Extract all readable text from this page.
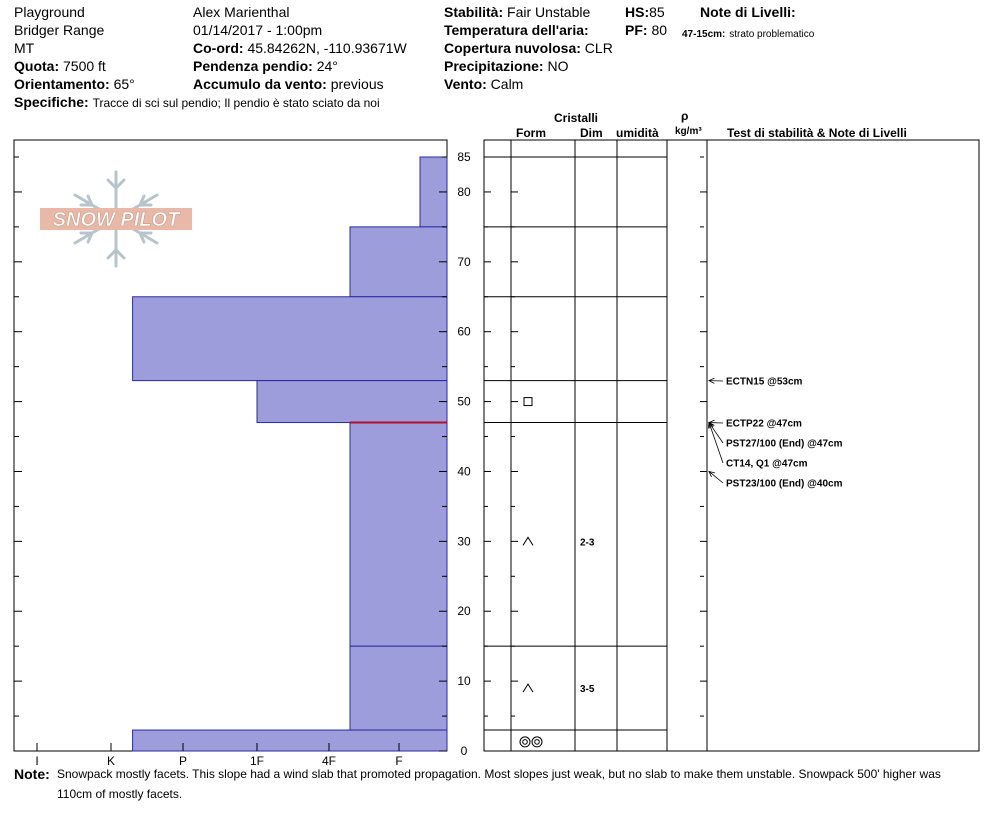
Playground
Bridger Range
MT
Quota: 7500 ft
Orientamento: 65°
Specifiche: Tracce di sci sul pendio; Il pendio è stato sciato da noi
Alex Marienthal
01/14/2017 - 1:00pm
Co-ord: 45.84262N, -110.93671W
Pendenza pendio: 24°
Accumulo da vento: previous
Stabilità: Fair Unstable
Temperatura dell'aria:
Copertura nuvolosa: CLR
Precipitazione: NO
Vento: Calm
HS:85
PF: 80
Note di Livelli:
47-15cm: strato problematico
Cristalli
Form	Dim umidità
ρ
kg/m³ Test di stabilità & Note di Livelli
SNOW PILOT
I	K	P	1F	4F	F
0
10
20
30
40
50
60
70
80
85
2-3
3-5
ECTN15 @53cm
ECTP22 @47cm
PST27/100 (End) @47cm
CT14, Q1 @47cm
PST23/100 (End) @40cm
Note: Snowpack mostly facets. This slope had a wind slab that promoted propagation. Most slopes just weak, but no slab to make them unstable. Snowpack 500' higher was
110cm of mostly facets.
